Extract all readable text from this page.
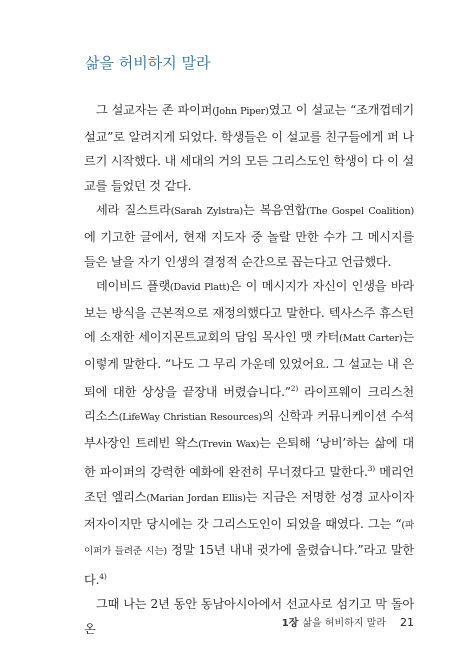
삶을 허비하지 말라

그 설교자는 존 파이퍼(John Piper)였고 이 설교는 “조개껍데기 설교”로 알려지게 되었다. 학생들은 이 설교를 친구들에게 퍼 나르기 시작했다. 내 세대의 거의 모든 그리스도인 학생이 다 이 설교를 들었던 것 같다.

세라 질스트라(Sarah Zylstra)는 복음연합(The Gospel Coalition)에 기고한 글에서, 현재 지도자 중 놀랄 만한 수가 그 메시지를 들은 날을 자기 인생의 결정적 순간으로 꼽는다고 언급했다.

데이비드 플랫(David Platt)은 이 메시지가 자신이 인생을 바라보는 방식을 근본적으로 재정의했다고 말한다. 텍사스주 휴스턴에 소재한 세이지몬트교회의 담임 목사인 맷 카터(Matt Carter)는 이렇게 말한다. “나도 그 무리 가운데 있었어요. 그 설교는 내 은퇴에 대한 상상을 끝장내 버렸습니다.”$^{2)}$ 라이프웨이 크리스천 리소스(LifeWay Christian Resources)의 신학과 커뮤니케이션 수석 부사장인 트레빈 왁스(Trevin Wax)는 은퇴해 ‘낭비’하는 삶에 대한 파이퍼의 강력한 예화에 완전히 무너졌다고 말한다.$^{3)}$ 메리언 조던 엘리스(Marian Jordan Ellis)는 지금은 저명한 성경 교사이자 저자이지만 당시에는 갓 그리스도인이 되었을 때였다. 그는 “(파이퍼가 들려준 시는) 정말 15년 내내 귓가에 울렸습니다.”라고 말한다.$^{4)}$

그때 나는 2년 동안 동남아시아에서 선교사로 섬기고 막 돌아온	1장 삶을 허비하지 말라 21
